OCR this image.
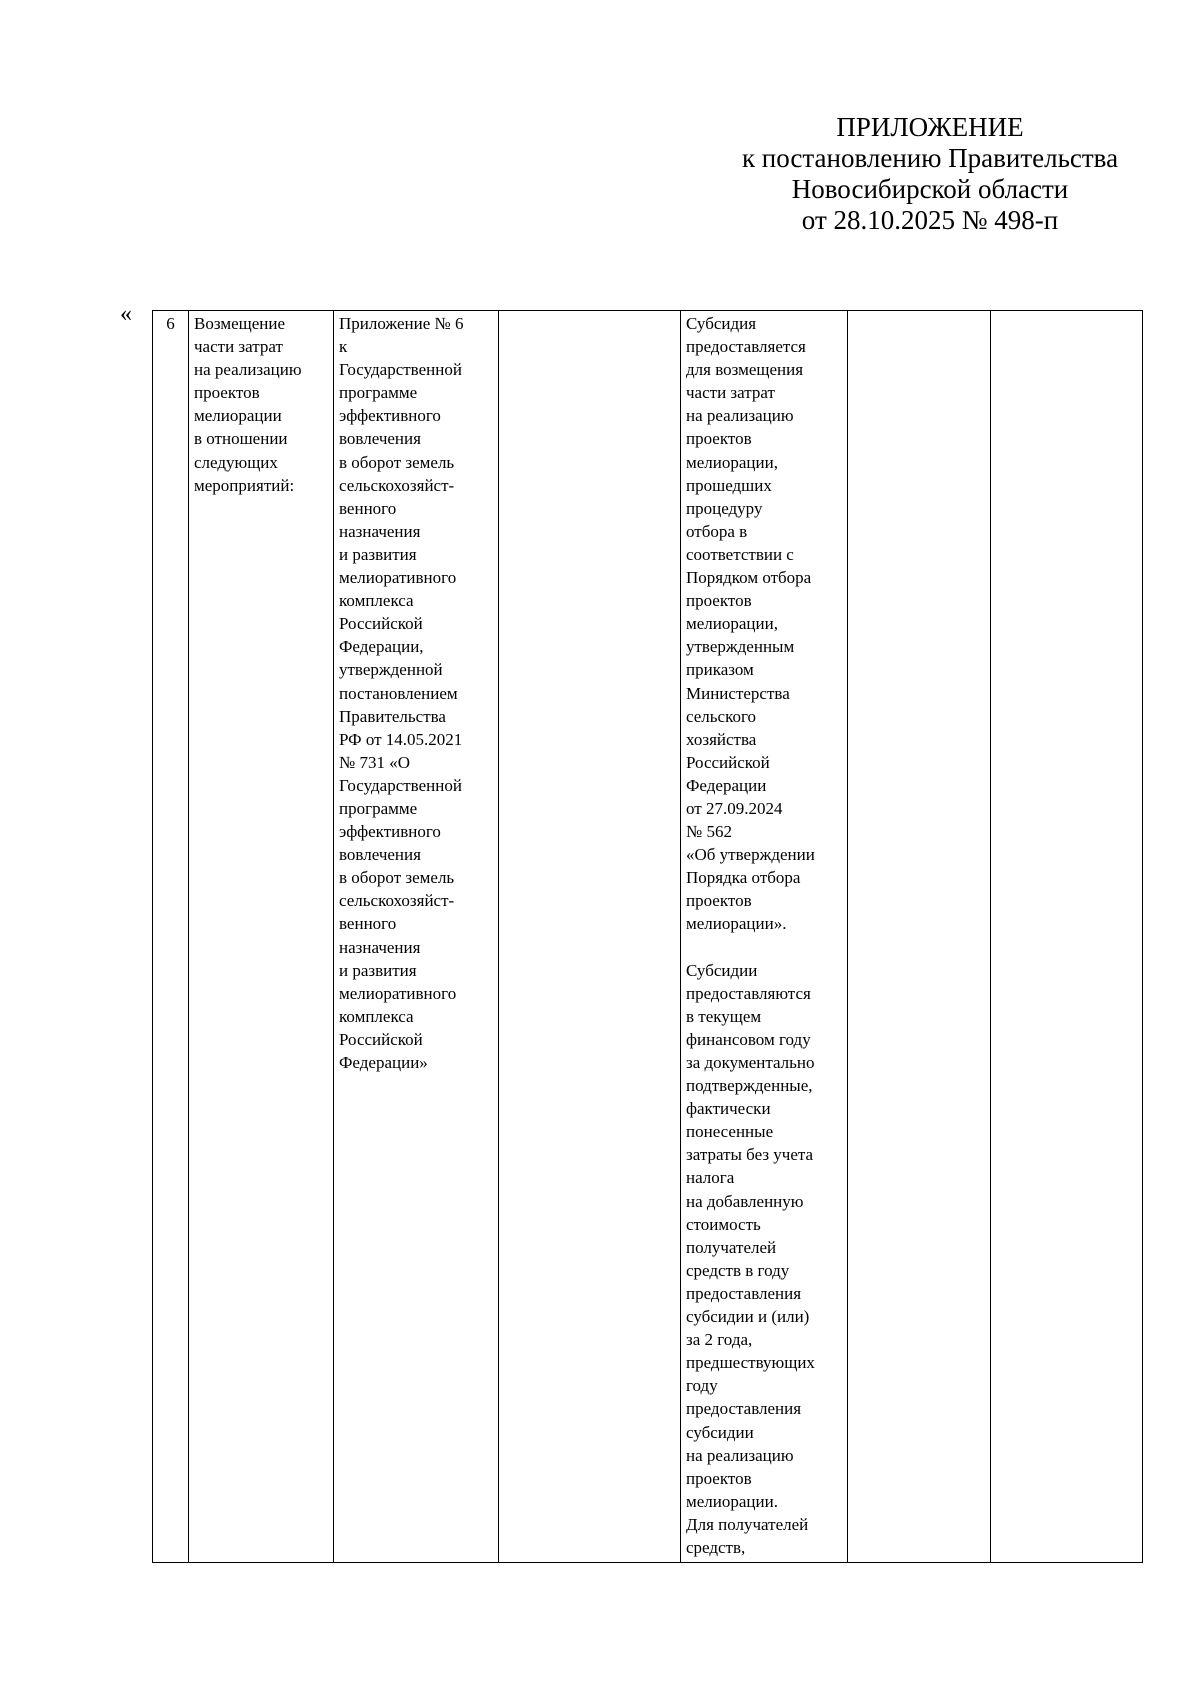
ПРИЛОЖЕНИЕ
к постановлению Правительства
Новосибирской области
от 28.10.2025 № 498-п
« 6	Возмещение
части затрат
на реализацию
проектов
мелиорации
в отношении
следующих
мероприятий:	Приложение № 6
к
Государственной
программе
эффективного
вовлечения
в оборот земель
сельскохозяйст-
венного
назначения
и развития
мелиоративного
комплекса
Российской
Федерации,
утвержденной
постановлением
Правительства
РФ от 14.05.2021
№ 731 «О
Государственной
программе
эффективного
вовлечения
в оборот земель
сельскохозяйст-
венного
назначения
и развития
мелиоративного
комплекса
Российской
Федерации»		Субсидия
предоставляется
для возмещения
части затрат
на реализацию
проектов
мелиорации,
прошедших
процедуру
отбора в
соответствии с
Порядком отбора
проектов
мелиорации,
утвержденным
приказом
Министерства
сельского
хозяйства
Российской
Федерации
от 27.09.2024
№ 562
«Об утверждении
Порядка отбора
проектов
мелиорации».

Субсидии
предоставляются
в текущем
финансовом году
за документально
подтвержденные,
фактически
понесенные
затраты без учета
налога
на добавленную
стоимость
получателей
средств в году
предоставления
субсидии и (или)
за 2 года,
предшествующих
году
предоставления
субсидии
на реализацию
проектов
мелиорации.
Для получателей
средств,		
